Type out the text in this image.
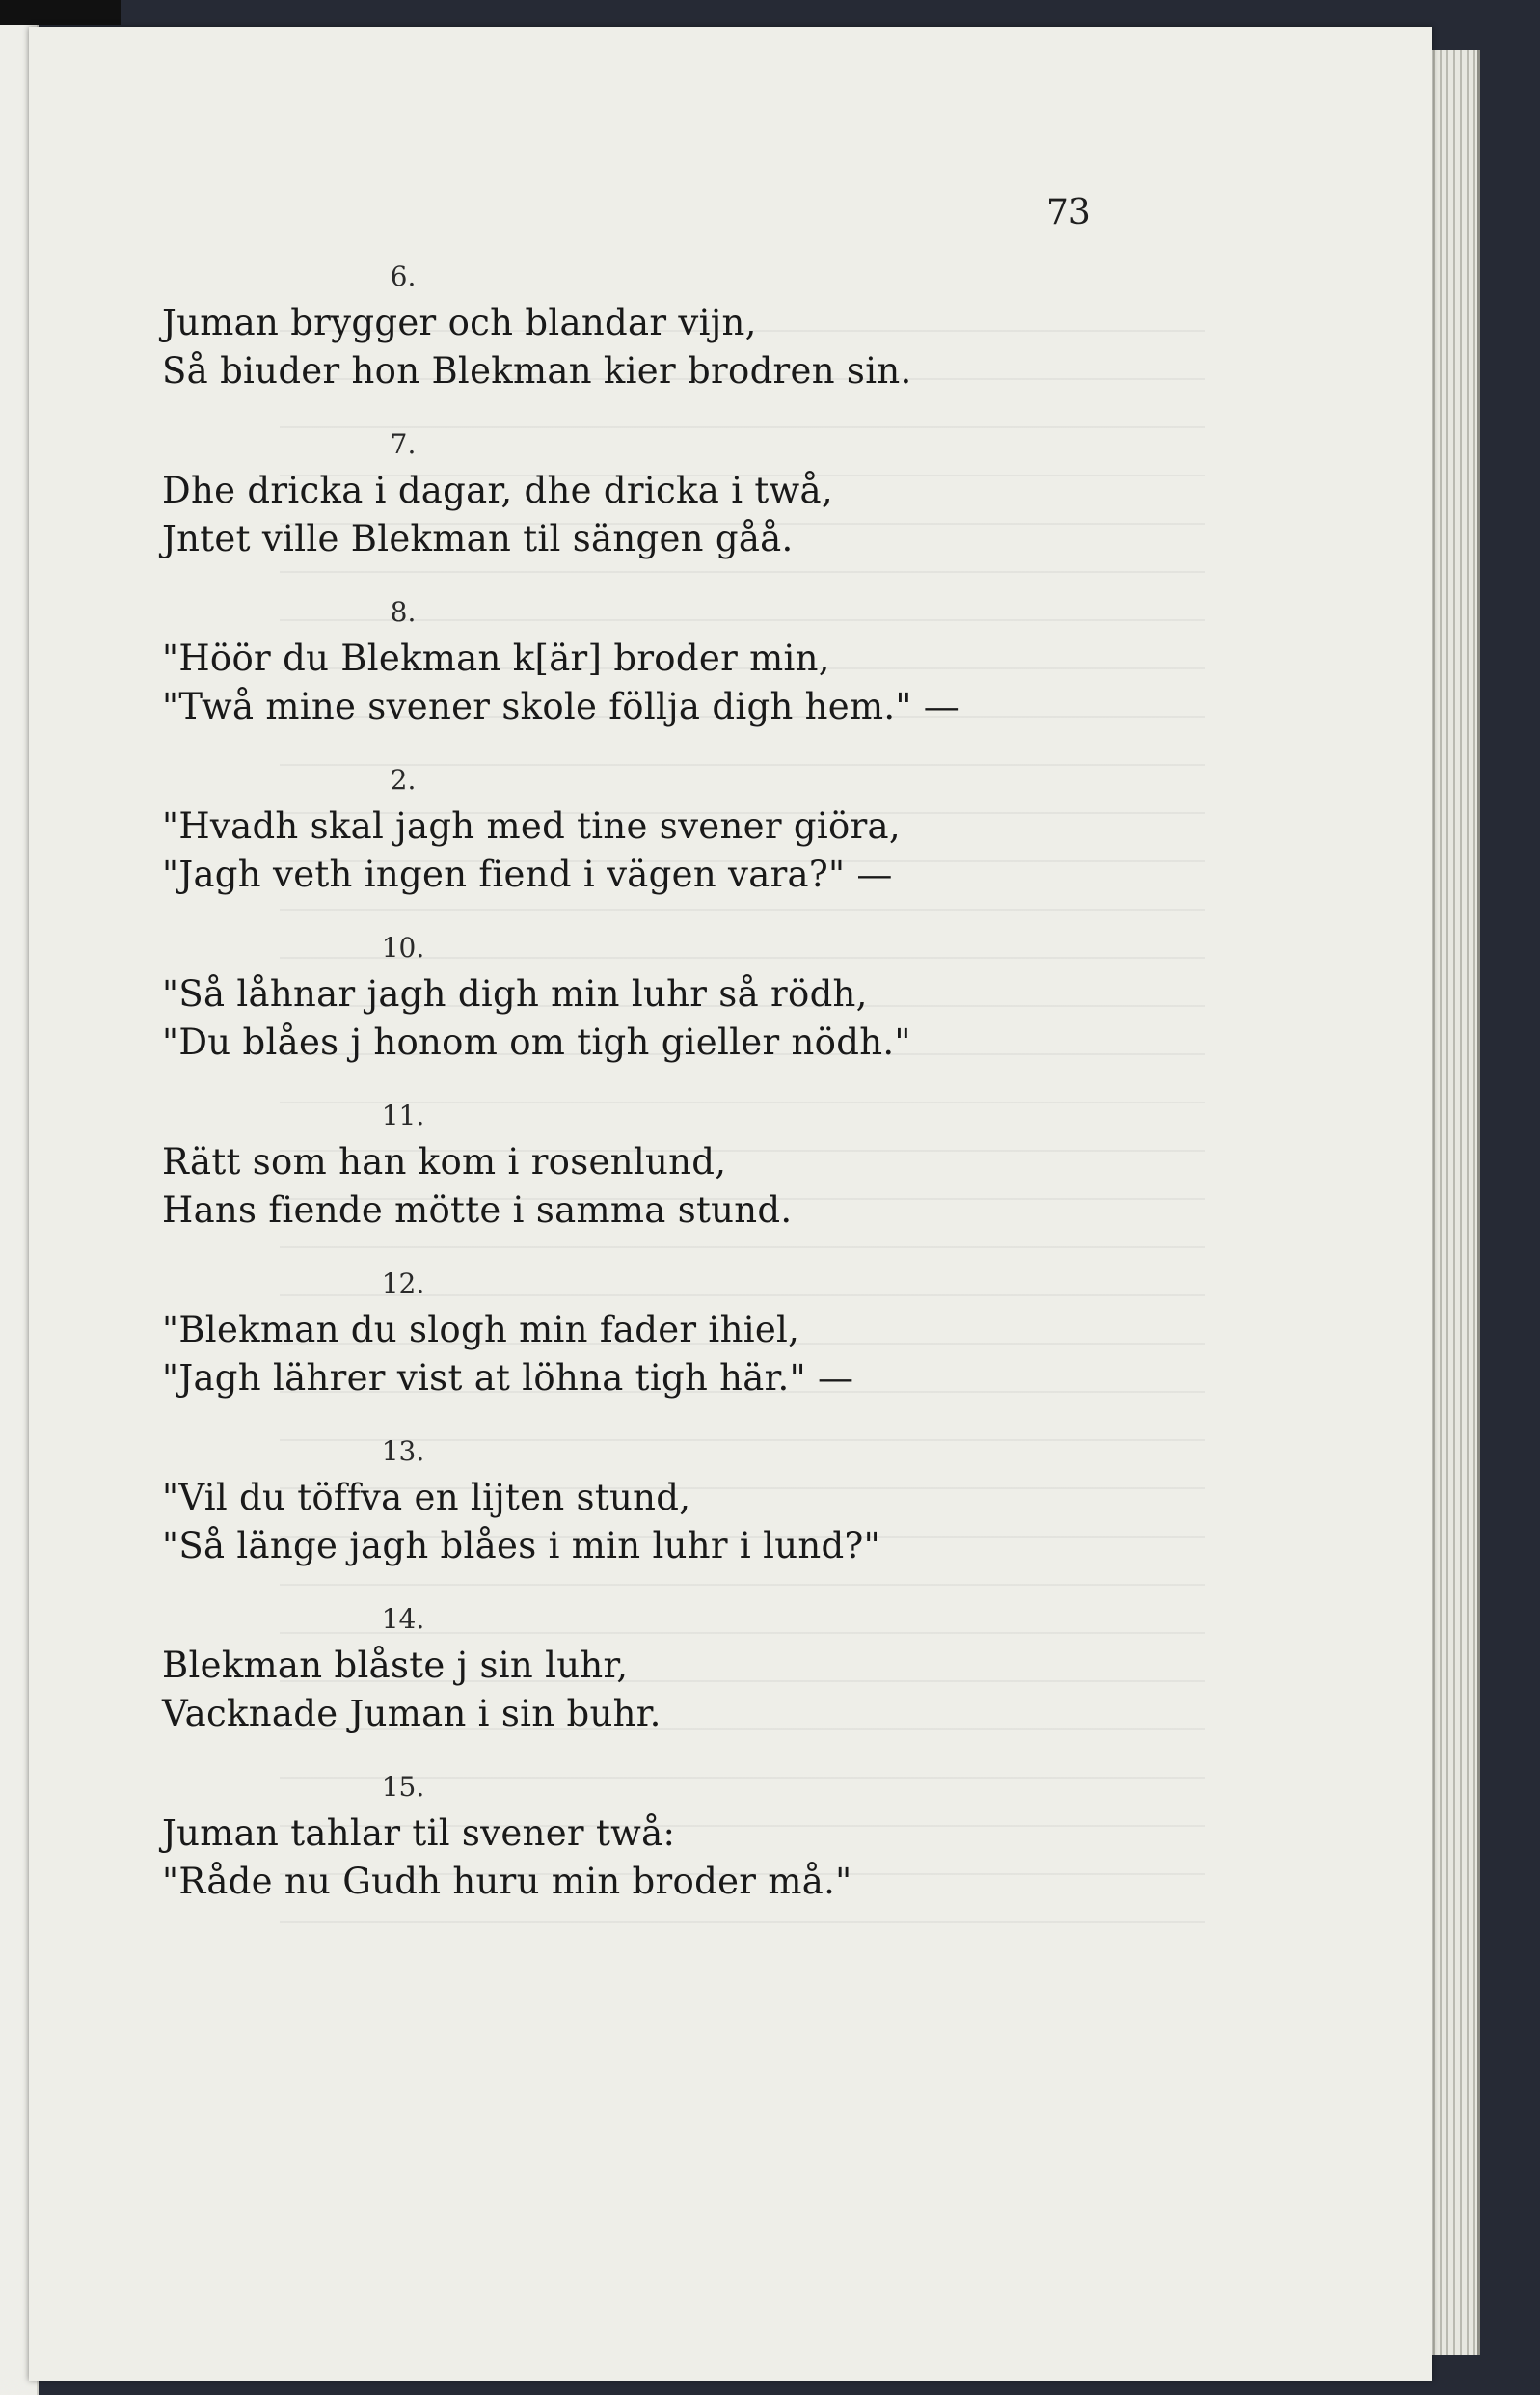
73
6.
Juman brygger och blandar vijn,
Så biuder hon Blekman kier brodren sin.
7.
Dhe dricka i dagar, dhe dricka i twå,
Jntet ville Blekman til sängen gåå.
8.
"Höör du Blekman k[är] broder min,
"Twå mine svener skole föllja digh hem." —
2.
"Hvadh skal jagh med tine svener giöra,
"Jagh veth ingen fiend i vägen vara?" —
10.
"Så låhnar jagh digh min luhr så rödh,
"Du blåes j honom om tigh gieller nödh."
11.
Rätt som han kom i rosenlund,
Hans fiende mötte i samma stund.
12.
"Blekman du slogh min fader ihiel,
"Jagh lährer vist at löhna tigh här." —
13.
"Vil du töffva en lijten stund,
"Så länge jagh blåes i min luhr i lund?"
14.
Blekman blåste j sin luhr,
Vacknade Juman i sin buhr.
15.
Juman tahlar til svener twå:
"Råde nu Gudh huru min broder må."
